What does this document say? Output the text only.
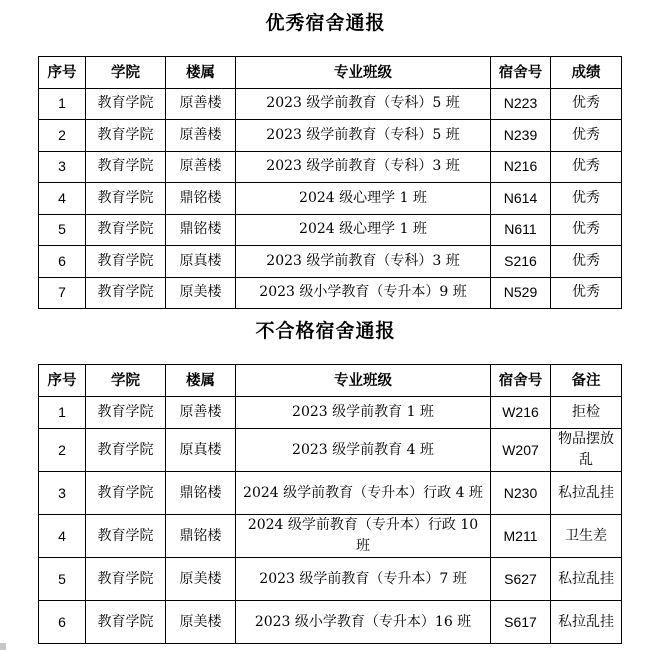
优秀宿舍通报
序号	学院	楼属	专业班级	宿舍号	成绩
1	教育学院	原善楼	2023 级学前教育（专科）5 班	N223	优秀
2	教育学院	原善楼	2023 级学前教育（专科）5 班	N239	优秀
3	教育学院	原善楼	2023 级学前教育（专科）3 班	N216	优秀
4	教育学院	鼎铭楼	2024 级心理学 1 班	N614	优秀
5	教育学院	鼎铭楼	2024 级心理学 1 班	N611	优秀
6	教育学院	原真楼	2023 级学前教育（专科）3 班	S216	优秀
7	教育学院	原美楼	2023 级小学教育（专升本）9 班	N529	优秀
不合格宿舍通报
序号	学院	楼属	专业班级	宿舍号	备注
1	教育学院	原善楼	2023 级学前教育 1 班	W216	拒检
2	教育学院	原真楼	2023 级学前教育 4 班	W207	物品摆放乱
3	教育学院	鼎铭楼	2024 级学前教育（专升本）行政 4 班	N230	私拉乱挂
4	教育学院	鼎铭楼	2024 级学前教育（专升本）行政 10 班	M211	卫生差
5	教育学院	原美楼	2023 级学前教育（专升本）7 班	S627	私拉乱挂
6	教育学院	原美楼	2023 级小学教育（专升本）16 班	S617	私拉乱挂
